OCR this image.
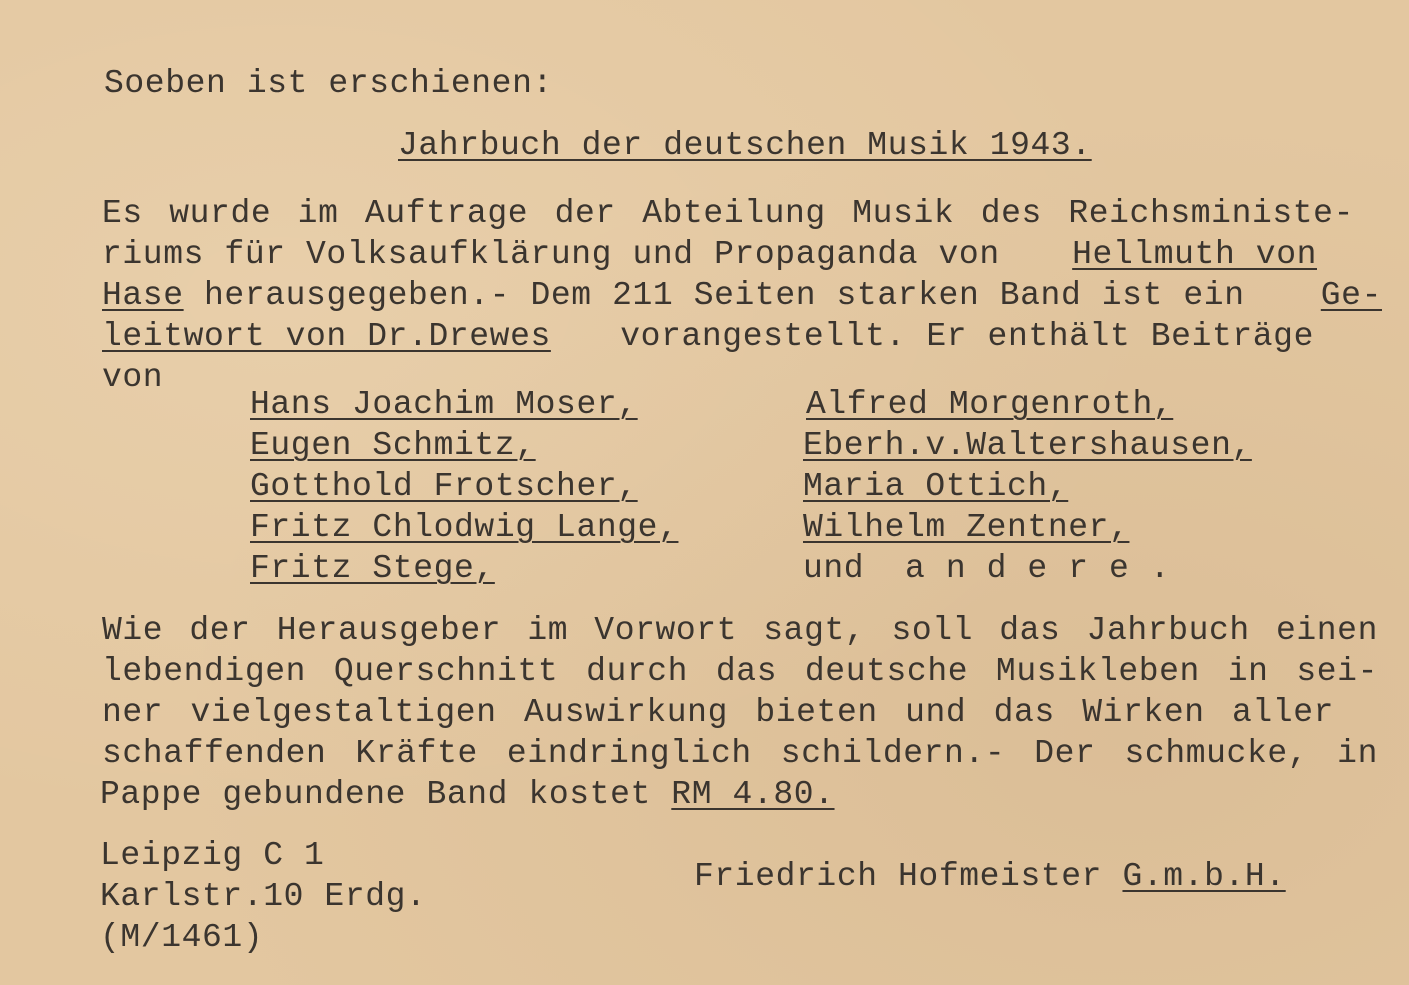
Soeben ist erschienen:
Jahrbuch der deutschen Musik 1943.
Es wurde im Auftrage der Abteilung Musik des Reichsministe-
riums für Volksaufklärung und Propaganda von Hellmuth von
Hase herausgegeben.- Dem 211 Seiten starken Band ist ein	Ge-
leitwort von Dr.Drewes vorangestellt. Er enthält Beiträge
von
Hans Joachim Moser,
Eugen Schmitz,
Gotthold Frotscher,
Fritz Chlodwig Lange,
Fritz Stege,
Alfred Morgenroth,
Eberh.v.Waltershausen,
Maria Ottich,
Wilhelm Zentner,
und  a n d e r e .
Wie der Herausgeber im Vorwort sagt, soll das Jahrbuch einen
lebendigen Querschnitt durch das deutsche Musikleben in sei-
ner vielgestaltigen Auswirkung bieten und das Wirken aller
schaffenden Kräfte eindringlich schildern.- Der schmucke, in
Pappe gebundene Band kostet RM 4.80.
Leipzig C 1
Karlstr.10 Erdg.
(M/1461)
Friedrich Hofmeister G.m.b.H.
